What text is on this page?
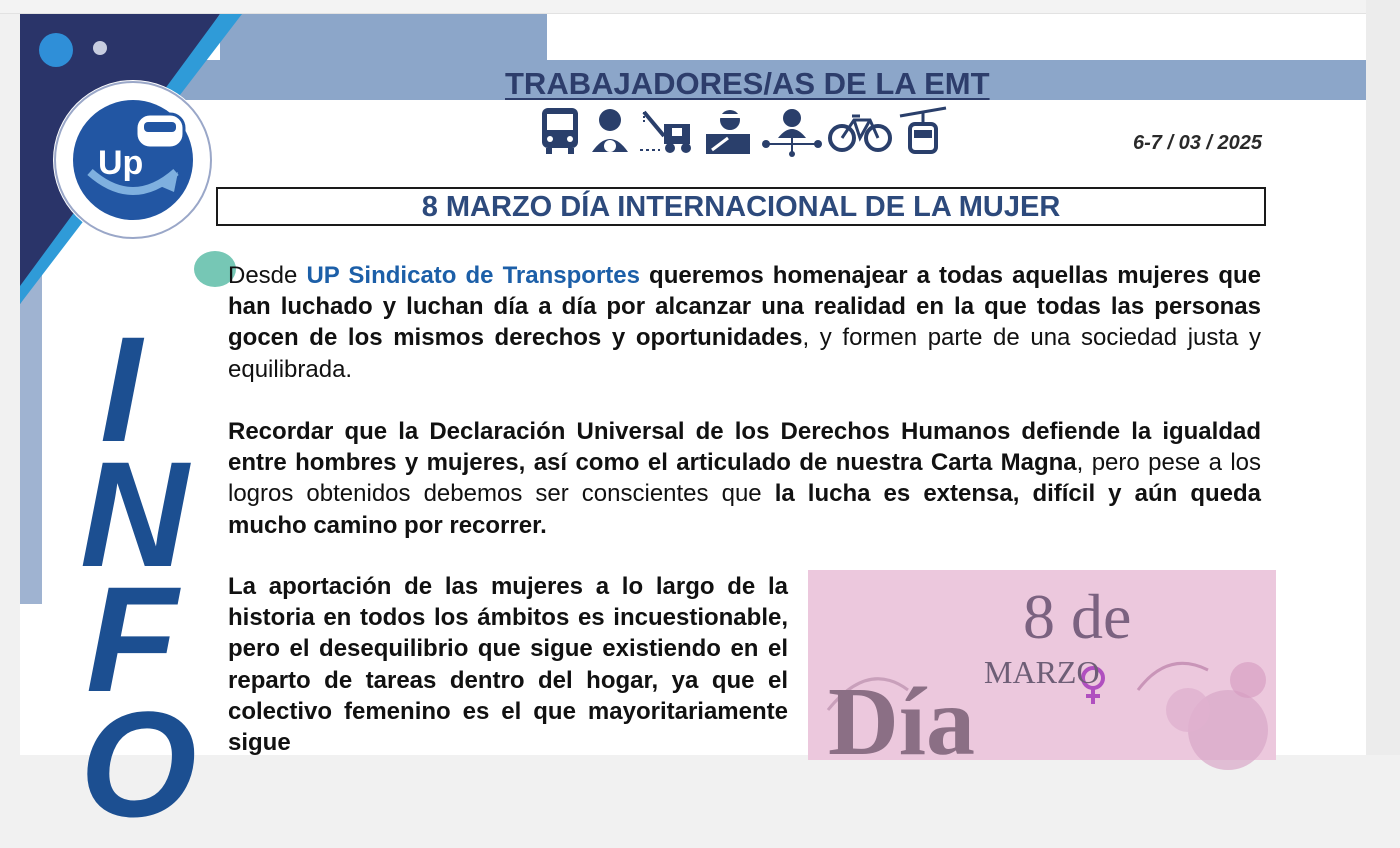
Up
TRABAJADORES/AS DE LA EMT
6-7 / 03 / 2025
8 MARZO DÍA INTERNACIONAL DE LA MUJER
I
N
F
O

Desde UP Sindicato de Transportes queremos homenajear a todas aquellas mujeres que han luchado y luchan día a día por alcanzar una realidad en la que todas las personas gocen de los mismos derechos y oportunidades, y formen parte de una sociedad justa y equilibrada.

Recordar que la Declaración Universal de los Derechos Humanos defiende la igualdad entre hombres y mujeres, así como el articulado de nuestra Carta Magna, pero pese a los logros obtenidos debemos ser conscientes que la lucha es extensa, difícil y aún queda mucho camino por recorrer.

La aportación de las mujeres a lo largo de la historia en todos los ámbitos es incuestionable, pero el desequilibrio que sigue existiendo en el reparto de tareas dentro del hogar, ya que el colectivo femenino es el que mayoritariamente sigue

8 de
MARZO
Día
